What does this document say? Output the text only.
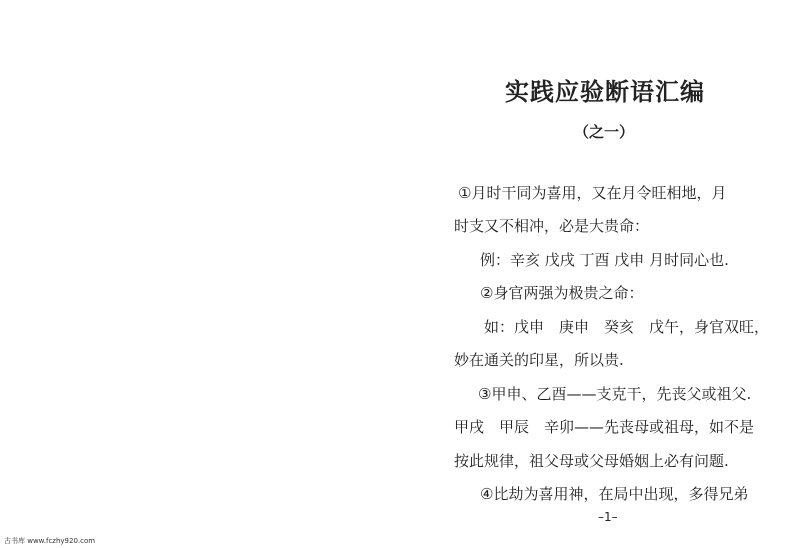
实践应验断语汇编
（之一）
①月时干同为喜用，又在月令旺相地，月
时支又不相冲，必是大贵命：
例：辛亥 戊戌 丁酉 戊申 月时同心也.
②身官两强为极贵之命：
如：戊申　庚申　癸亥　戊午，身官双旺，
妙在通关的印星，所以贵.
③甲申、乙酉——支克干，先丧父或祖父.
甲戌　甲辰　辛卯——先丧母或祖母，如不是
按此规律，祖父母或父母婚姻上必有问题.
④比劫为喜用神，在局中出现，多得兄弟
–1–
古书库 www.fczhy920.com
